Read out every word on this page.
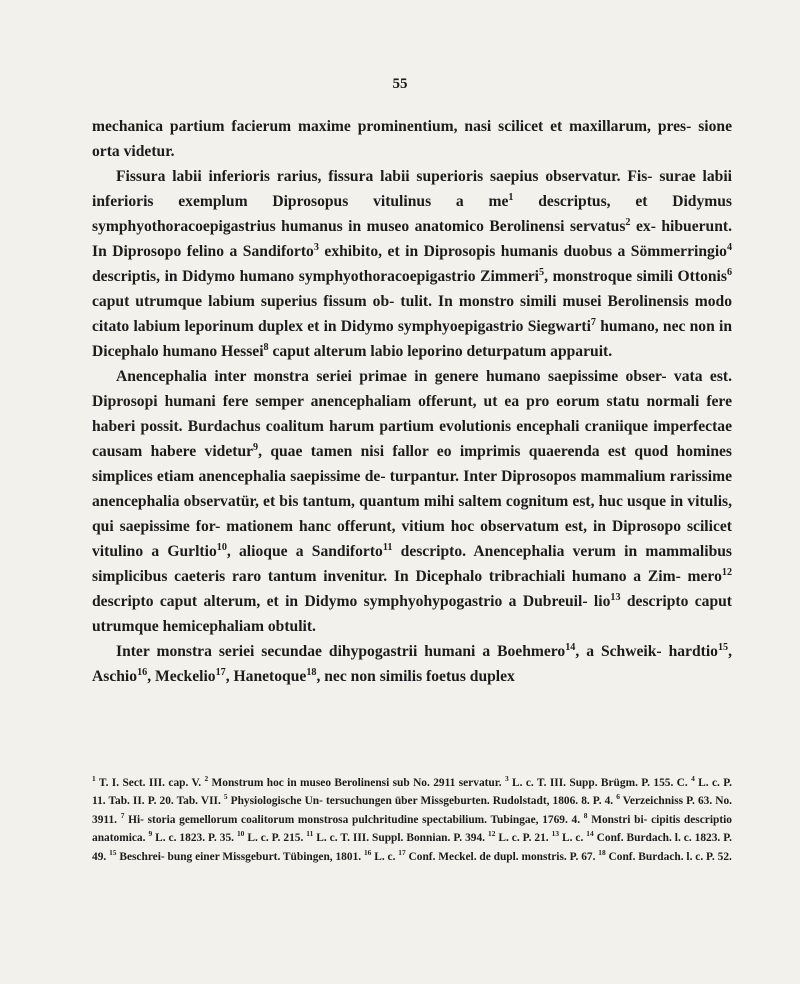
55

mechanica partium facierum maxime prominentium, nasi scilicet et maxillarum, pres- sione orta videtur.

Fissura labii inferioris rarius, fissura labii superioris saepius observatur. Fis- surae labii inferioris exemplum Diprosopus vitulinus a $me^1$ descriptus, et Didymus symphyothoracoepigastrius humanus in museo anatomico Berolinensi servatus$^2$ ex- hibuerunt. In Diprosopo felino a Sandiforto$^3$ exhibito, et in Diprosopis humanis duobus a Sömmerringio$^4$ descriptis, in Didymo humano symphyothoracoepigastrio Zimmeri$^5$, monstroque simili Ottonis$^6$ caput utrumque labium superius fissum ob- tulit. In monstro simili musei Berolinensis modo citato labium leporinum duplex et in Didymo symphyoepigastrio Siegwarti$^7$ humano, nec non in Dicephalo humano Hessei$^8$ caput alterum labio leporino deturpatum apparuit.

Anencephalia inter monstra seriei primae in genere humano saepissime obser- vata est. Diprosopi humani fere semper anencephaliam offerunt, ut ea pro eorum statu normali fere haberi possit. Burdachus coalitum harum partium evolutionis encephali craniique imperfectae causam habere videtur$^9$, quae tamen nisi fallor eo imprimis quaerenda est quod homines simplices etiam anencephalia saepissime de- turpantur. Inter Diprosopos mammalium rarissime anencephalia observatür, et bis tantum, quantum mihi saltem cognitum est, huc usque in vitulis, qui saepissime for- mationem hanc offerunt, vitium hoc observatum est, in Diprosopo scilicet vitulino a Gurltio$^{10}$, alioque a Sandiforto$^{11}$ descripto. Anencephalia verum in mammalibus simplicibus caeteris raro tantum invenitur. In Dicephalo tribrachiali humano a Zim- mero$^{12}$ descripto caput alterum, et in Didymo symphyohypogastrio a Dubreuil- lio$^{13}$ descripto caput utrumque hemicephaliam obtulit.

Inter monstra seriei secundae dihypogastrii humani a Boehmero$^{14}$, a Schweik- hardtio$^{15}$, Aschio$^{16}$, Meckelio$^{17}$, Hanetoque$^{18}$, nec non similis foetus duplex

$^1$ T. I. Sect. III. cap. V. $^2$ Monstrum hoc in museo Berolinensi sub No. 2911 servatur. $^3$ L. c. T. III. Supp. Brügm. P. 155. C. $^4$ L. c. P. 11. Tab. II. P. 20. Tab. VII. $^5$ Physiologische Un- tersuchungen über Missgeburten. Rudolstadt, 1806. 8. P. 4. $^6$ Verzeichniss P. 63. No. 3911. $^7$ Hi- storia gemellorum coalitorum monstrosa pulchritudine spectabilium. Tubingae, 1769. 4. $^8$ Monstri bi- cipitis descriptio anatomica. $^9$ L. c. 1823. P. 35. $^{10}$ L. c. P. 215. $^{11}$ L. c. T. III. Suppl. Bonnian. P. 394. $^{12}$ L. c. P. 21. $^{13}$ L. c. $^{14}$ Conf. Burdach. l. c. 1823. P. 49. $^{15}$ Beschrei- bung einer Missgeburt. Tübingen, 1801. $^{16}$ L. c. $^{17}$ Conf. Meckel. de dupl. monstris. P. 67. $^{18}$ Conf. Burdach. l. c. P. 52.
